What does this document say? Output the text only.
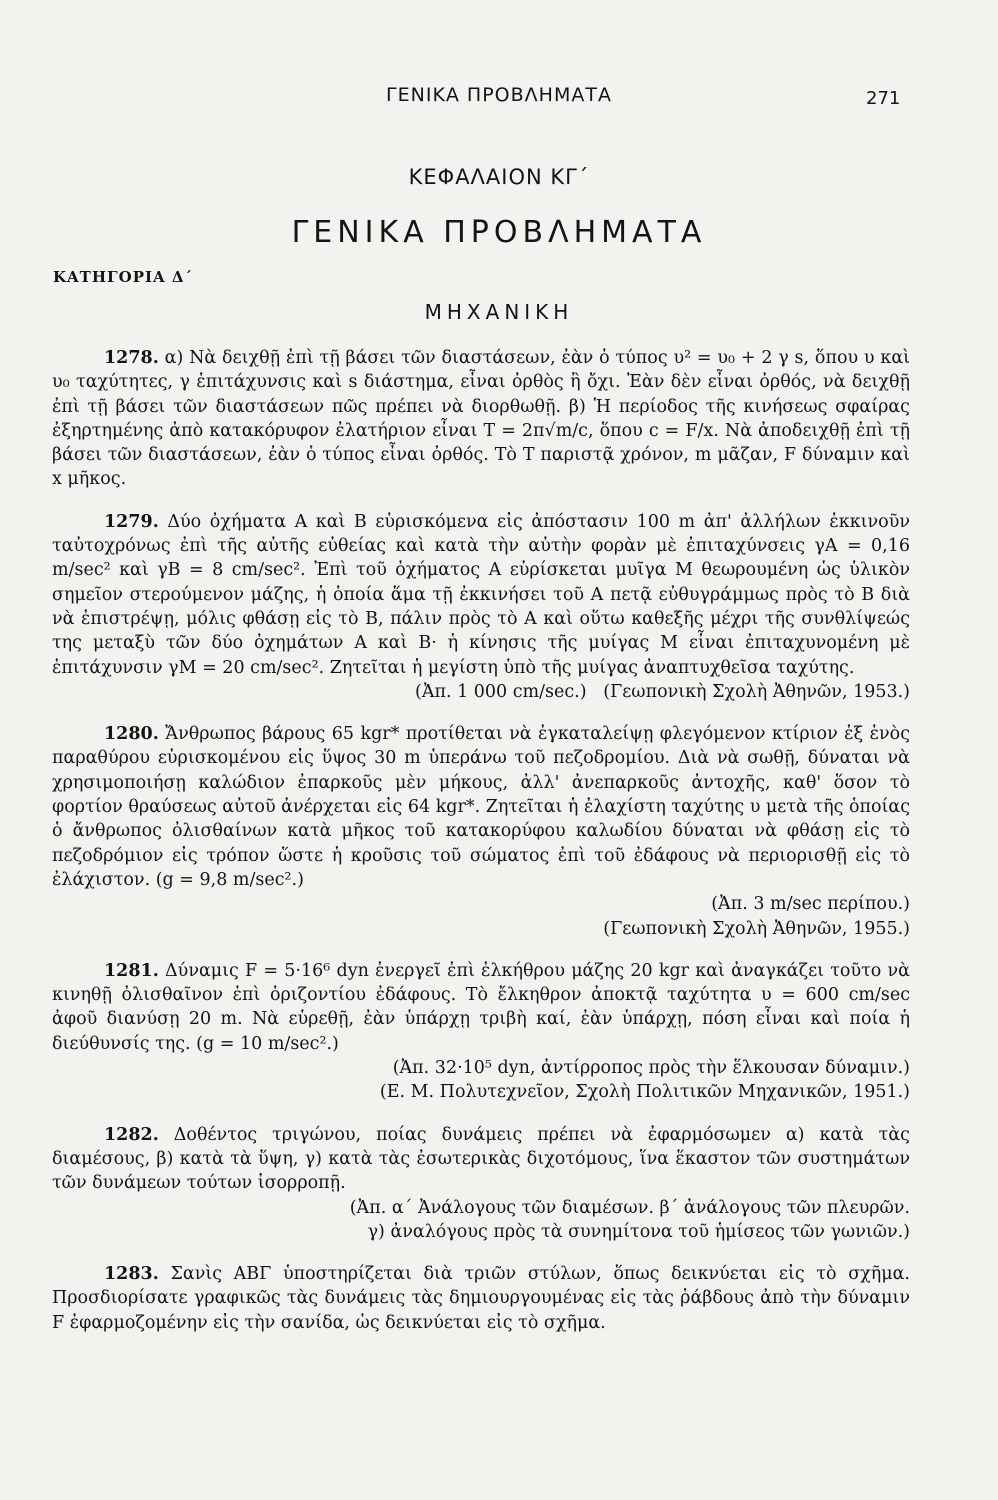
ΓΕΝΙΚΑ ΠΡΟΒΛΗΜΑΤΑ	271
ΚΕΦΑΛΑΙΟΝ ΚΓ΄
ΓΕΝΙΚΑ ΠΡΟΒΛΗΜΑΤΑ
ΚΑΤΗΓΟΡΙΑ Δ΄
ΜΗΧΑΝΙΚΗ

1278. α) Νὰ δειχθῇ ἐπὶ τῇ βάσει τῶν διαστάσεων, ἐὰν ὁ τύπος υ² = υ₀ + 2 γ s, ὅπου υ καὶ υ₀ ταχύτητες, γ ἐπιτάχυνσις καὶ s διάστημα, εἶναι ὀρθὸς ἢ ὄχι. Ἐὰν δὲν εἶναι ὀρθός, νὰ δειχθῇ ἐπὶ τῇ βάσει τῶν διαστάσεων πῶς πρέπει νὰ διορθωθῇ. β) Ἡ περίοδος τῆς κινήσεως σφαίρας ἐξηρτημένης ἀπὸ κατακόρυφον ἐλατήριον εἶναι T = 2π√m/c, ὅπου c = F/x. Νὰ ἀποδειχθῇ ἐπὶ τῇ βάσει τῶν διαστάσεων, ἐὰν ὁ τύπος εἶναι ὀρθός. Τὸ T παριστᾷ χρόνον, m μᾶζαν, F δύναμιν καὶ x μῆκος.

1279. Δύο ὀχήματα Α καὶ Β εὑρισκόμενα εἰς ἀπόστασιν 100 m ἀπ' ἀλλήλων ἐκκινοῦν ταὐτοχρόνως ἐπὶ τῆς αὐτῆς εὐθείας καὶ κατὰ τὴν αὐτὴν φορὰν μὲ ἐπιταχύνσεις γΑ = 0,16 m/sec² καὶ γΒ = 8 cm/sec². Ἐπὶ τοῦ ὀχήματος Α εὑρίσκεται μυῖγα Μ θεωρουμένη ὡς ὑλικὸν σημεῖον στερούμενον μάζης, ἡ ὁποία ἅμα τῇ ἐκκινήσει τοῦ Α πετᾷ εὐθυγράμμως πρὸς τὸ Β διὰ νὰ ἐπιστρέψῃ, μόλις φθάσῃ εἰς τὸ Β, πάλιν πρὸς τὸ Α καὶ οὕτω καθεξῆς μέχρι τῆς συνθλίψεώς της μεταξὺ τῶν δύο ὀχημάτων Α καὶ Β· ἡ κίνησις τῆς μυίγας Μ εἶναι ἐπιταχυνομένη μὲ ἐπιτάχυνσιν γΜ = 20 cm/sec². Ζητεῖται ἡ μεγίστη ὑπὸ τῆς μυίγας ἀναπτυχθεῖσα ταχύτης.

(Ἀπ. 1 000 cm/sec.)   (Γεωπονικὴ Σχολὴ Ἀθηνῶν, 1953.)

1280. Ἄνθρωπος βάρους 65 kgr* προτίθεται νὰ ἐγκαταλείψῃ φλεγόμενον κτίριον ἐξ ἑνὸς παραθύρου εὑρισκομένου εἰς ὕψος 30 m ὑπεράνω τοῦ πεζοδρομίου. Διὰ νὰ σωθῇ, δύναται νὰ χρησιμοποιήσῃ καλώδιον ἐπαρκοῦς μὲν μήκους, ἀλλ' ἀνεπαρκοῦς ἀντοχῆς, καθ' ὅσον τὸ φορτίον θραύσεως αὐτοῦ ἀνέρχεται εἰς 64 kgr*. Ζητεῖται ἡ ἐλαχίστη ταχύτης υ μετὰ τῆς ὁποίας ὁ ἄνθρωπος ὀλισθαίνων κατὰ μῆκος τοῦ κατακορύφου καλωδίου δύναται νὰ φθάσῃ εἰς τὸ πεζοδρόμιον εἰς τρόπον ὥστε ἡ κροῦσις τοῦ σώματος ἐπὶ τοῦ ἐδάφους νὰ περιορισθῇ εἰς τὸ ἐλάχιστον. (g = 9,8 m/sec².)

(Ἀπ. 3 m/sec περίπου.)

(Γεωπονικὴ Σχολὴ Ἀθηνῶν, 1955.)

1281. Δύναμις F = 5·16⁶ dyn ἐνεργεῖ ἐπὶ ἐλκήθρου μάζης 20 kgr καὶ ἀναγκάζει τοῦτο νὰ κινηθῇ ὀλισθαῖνον ἐπὶ ὁριζοντίου ἐδάφους. Τὸ ἔλκηθρον ἀποκτᾷ ταχύτητα υ = 600 cm/sec ἀφοῦ διανύσῃ 20 m. Νὰ εὑρεθῇ, ἐὰν ὑπάρχῃ τριβὴ καί, ἐὰν ὑπάρχῃ, πόση εἶναι καὶ ποία ἡ διεύθυνσίς της. (g = 10 m/sec².)

(Ἀπ. 32·10⁵ dyn, ἀντίρροπος πρὸς τὴν ἕλκουσαν δύναμιν.)

(Ε. Μ. Πολυτεχνεῖον, Σχολὴ Πολιτικῶν Μηχανικῶν, 1951.)

1282. Δοθέντος τριγώνου, ποίας δυνάμεις πρέπει νὰ ἐφαρμόσωμεν α) κατὰ τὰς διαμέσους, β) κατὰ τὰ ὕψη, γ) κατὰ τὰς ἐσωτερικὰς διχοτόμους, ἵνα ἕκαστον τῶν συστημάτων τῶν δυνάμεων τούτων ἰσορροπῇ.

(Ἀπ. α΄ Ἀνάλογους τῶν διαμέσων. β΄ ἀνάλογους τῶν πλευρῶν.

γ) ἀναλόγους πρὸς τὰ συνημίτονα τοῦ ἡμίσεος τῶν γωνιῶν.)

1283. Σανὶς ΑΒΓ ὑποστηρίζεται διὰ τριῶν στύλων, ὅπως δεικνύεται εἰς τὸ σχῆμα. Προσδιορίσατε γραφικῶς τὰς δυνάμεις τὰς δημιουργουμένας εἰς τὰς ῥάβδους ἀπὸ τὴν δύναμιν F ἐφαρμοζομένην εἰς τὴν σανίδα, ὡς δεικνύεται εἰς τὸ σχῆμα.
